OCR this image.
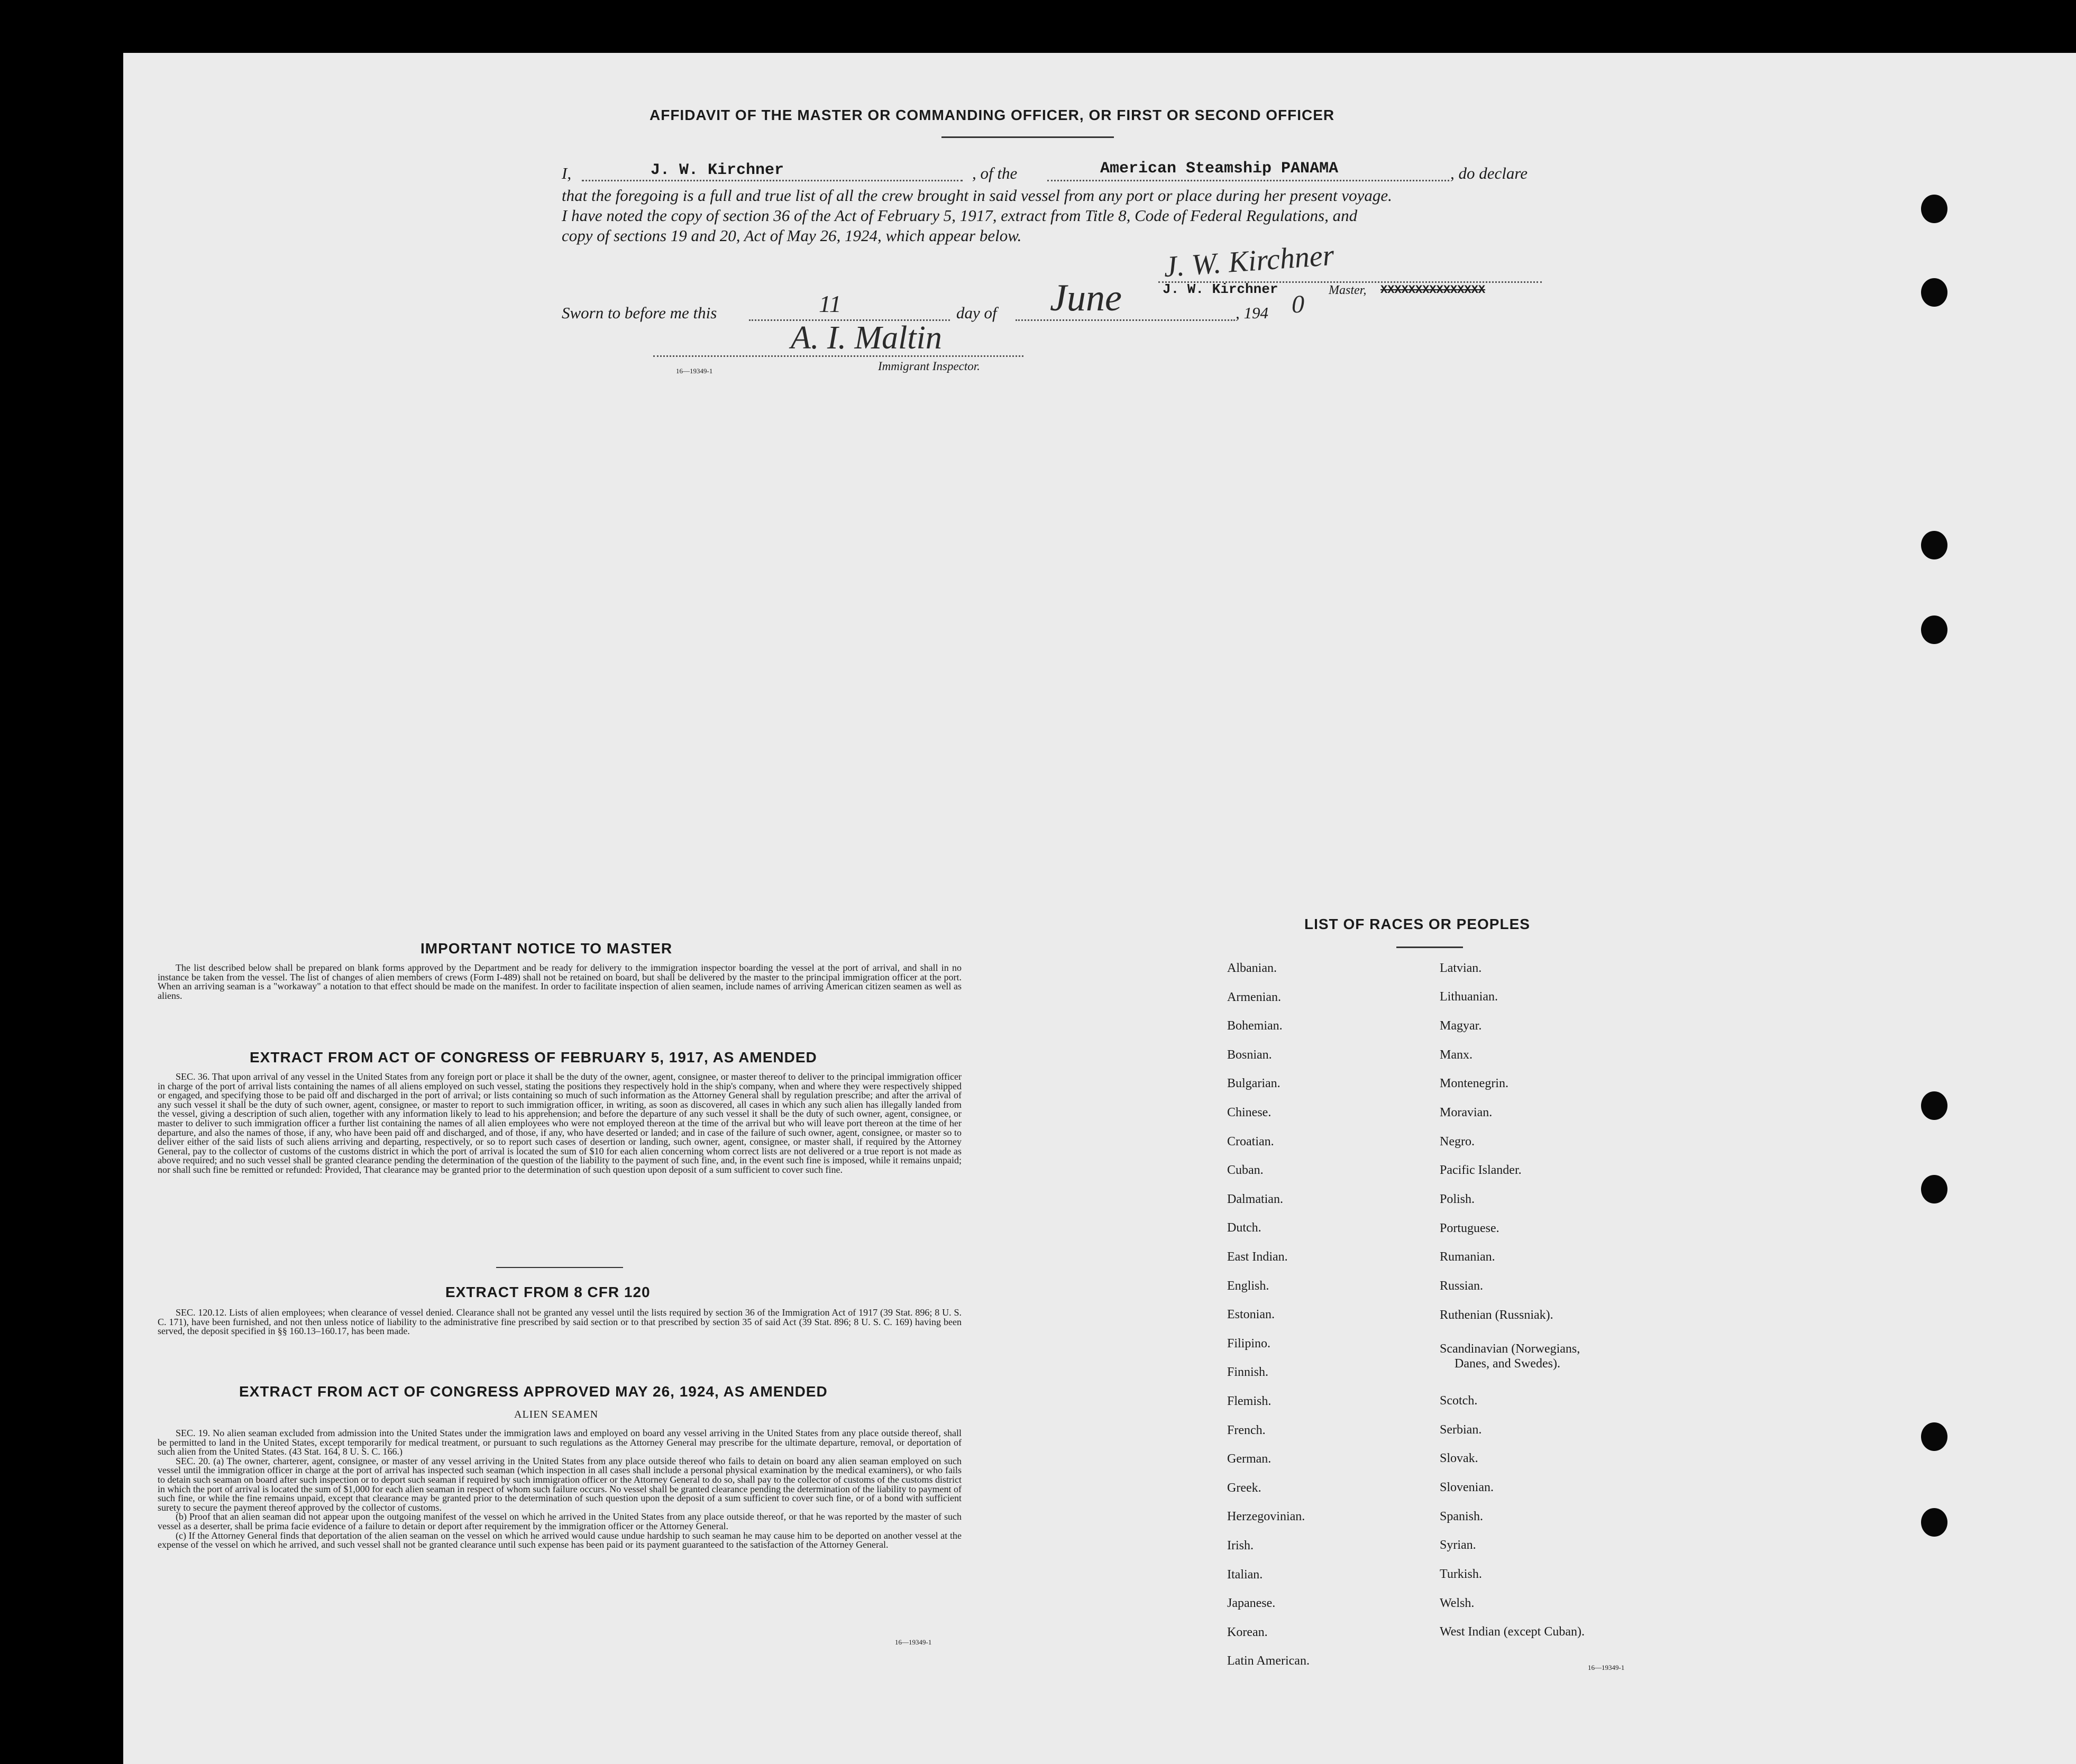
AFFIDAVIT OF THE MASTER OR COMMANDING OFFICER, OR FIRST OR SECOND OFFICER
I,	J. W. Kirchner	, of the	American Steamship PANAMA	, do declare
that the foregoing is a full and true list of all the crew brought in said vessel from any port or place during her present voyage.
I have noted the copy of section 36 of the Act of February 5, 1917, extract from Title 8, Code of Federal Regulations, and
copy of sections 19 and 20, Act of May 26, 1924, which appear below.
J. W. Kirchner
J. W. Kirchner	Master, XXXXXXXXXXXXXXX
Sworn to before me this	11	day of June	, 194 0
A. I. Maltin
16—19349-1	Immigrant Inspector.
IMPORTANT NOTICE TO MASTER

The list described below shall be prepared on blank forms approved by the Department and be ready for delivery to the immigration inspector boarding the vessel at the port of arrival, and shall in no instance be taken from the vessel. The list of changes of alien members of crews (Form I-489) shall not be retained on board, but shall be delivered by the master to the principal immigration officer at the port. When an arriving seaman is a "workaway" a notation to that effect should be made on the manifest. In order to facilitate inspection of alien seamen, include names of arriving American citizen seamen as well as aliens.

EXTRACT FROM ACT OF CONGRESS OF FEBRUARY 5, 1917, AS AMENDED

SEC. 36. That upon arrival of any vessel in the United States from any foreign port or place it shall be the duty of the owner, agent, consignee, or master thereof to deliver to the principal immigration officer in charge of the port of arrival lists containing the names of all aliens employed on such vessel, stating the positions they respectively hold in the ship's company, when and where they were respectively shipped or engaged, and specifying those to be paid off and discharged in the port of arrival; or lists containing so much of such information as the Attorney General shall by regulation prescribe; and after the arrival of any such vessel it shall be the duty of such owner, agent, consignee, or master to report to such immigration officer, in writing, as soon as discovered, all cases in which any such alien has illegally landed from the vessel, giving a description of such alien, together with any information likely to lead to his apprehension; and before the departure of any such vessel it shall be the duty of such owner, agent, consignee, or master to deliver to such immigration officer a further list containing the names of all alien employees who were not employed thereon at the time of the arrival but who will leave port thereon at the time of her departure, and also the names of those, if any, who have been paid off and discharged, and of those, if any, who have deserted or landed; and in case of the failure of such owner, agent, consignee, or master so to deliver either of the said lists of such aliens arriving and departing, respectively, or so to report such cases of desertion or landing, such owner, agent, consignee, or master shall, if required by the Attorney General, pay to the collector of customs of the customs district in which the port of arrival is located the sum of $10 for each alien concerning whom correct lists are not delivered or a true report is not made as above required; and no such vessel shall be granted clearance pending the determination of the question of the liability to the payment of such fine, and, in the event such fine is imposed, while it remains unpaid; nor shall such fine be remitted or refunded: Provided, That clearance may be granted prior to the determination of such question upon deposit of a sum sufficient to cover such fine.

EXTRACT FROM 8 CFR 120

SEC. 120.12. Lists of alien employees; when clearance of vessel denied. Clearance shall not be granted any vessel until the lists required by section 36 of the Immigration Act of 1917 (39 Stat. 896; 8 U. S. C. 171), have been furnished, and not then unless notice of liability to the administrative fine prescribed by said section or to that prescribed by section 35 of said Act (39 Stat. 896; 8 U. S. C. 169) having been served, the deposit specified in §§ 160.13–160.17, has been made.

EXTRACT FROM ACT OF CONGRESS APPROVED MAY 26, 1924, AS AMENDED
ALIEN SEAMEN

SEC. 19. No alien seaman excluded from admission into the United States under the immigration laws and employed on board any vessel arriving in the United States from any place outside thereof, shall be permitted to land in the United States, except temporarily for medical treatment, or pursuant to such regulations as the Attorney General may prescribe for the ultimate departure, removal, or deportation of such alien from the United States. (43 Stat. 164, 8 U. S. C. 166.)

SEC. 20. (a) The owner, charterer, agent, consignee, or master of any vessel arriving in the United States from any place outside thereof who fails to detain on board any alien seaman employed on such vessel until the immigration officer in charge at the port of arrival has inspected such seaman (which inspection in all cases shall include a personal physical examination by the medical examiners), or who fails to detain such seaman on board after such inspection or to deport such seaman if required by such immigration officer or the Attorney General to do so, shall pay to the collector of customs of the customs district in which the port of arrival is located the sum of $1,000 for each alien seaman in respect of whom such failure occurs. No vessel shall be granted clearance pending the determination of the liability to payment of such fine, or while the fine remains unpaid, except that clearance may be granted prior to the determination of such question upon the deposit of a sum sufficient to cover such fine, or of a bond with sufficient surety to secure the payment thereof approved by the collector of customs.

(b) Proof that an alien seaman did not appear upon the outgoing manifest of the vessel on which he arrived in the United States from any place outside thereof, or that he was reported by the master of such vessel as a deserter, shall be prima facie evidence of a failure to detain or deport after requirement by the immigration officer or the Attorney General.

(c) If the Attorney General finds that deportation of the alien seaman on the vessel on which he arrived would cause undue hardship to such seaman he may cause him to be deported on another vessel at the expense of the vessel on which he arrived, and such vessel shall not be granted clearance until such expense has been paid or its payment guaranteed to the satisfaction of the Attorney General.

16—19349-1
LIST OF RACES OR PEOPLES
Albanian.
Armenian.
Bohemian.
Bosnian.
Bulgarian.
Chinese.
Croatian.
Cuban.
Dalmatian.
Dutch.
East Indian.
English.
Estonian.
Filipino.
Finnish.
Flemish.
French.
German.
Greek.
Herzegovinian.
Irish.
Italian.
Japanese.
Korean.
Latin American.
Latvian.
Lithuanian.
Magyar.
Manx.
Montenegrin.
Moravian.
Negro.
Pacific Islander.
Polish.
Portuguese.
Rumanian.
Russian.
Ruthenian (Russniak).
Scandinavian (Norwegians,
Danes, and Swedes).
Scotch.
Serbian.
Slovak.
Slovenian.
Spanish.
Syrian.
Turkish.
Welsh.
West Indian (except Cuban).
16—19349-1
